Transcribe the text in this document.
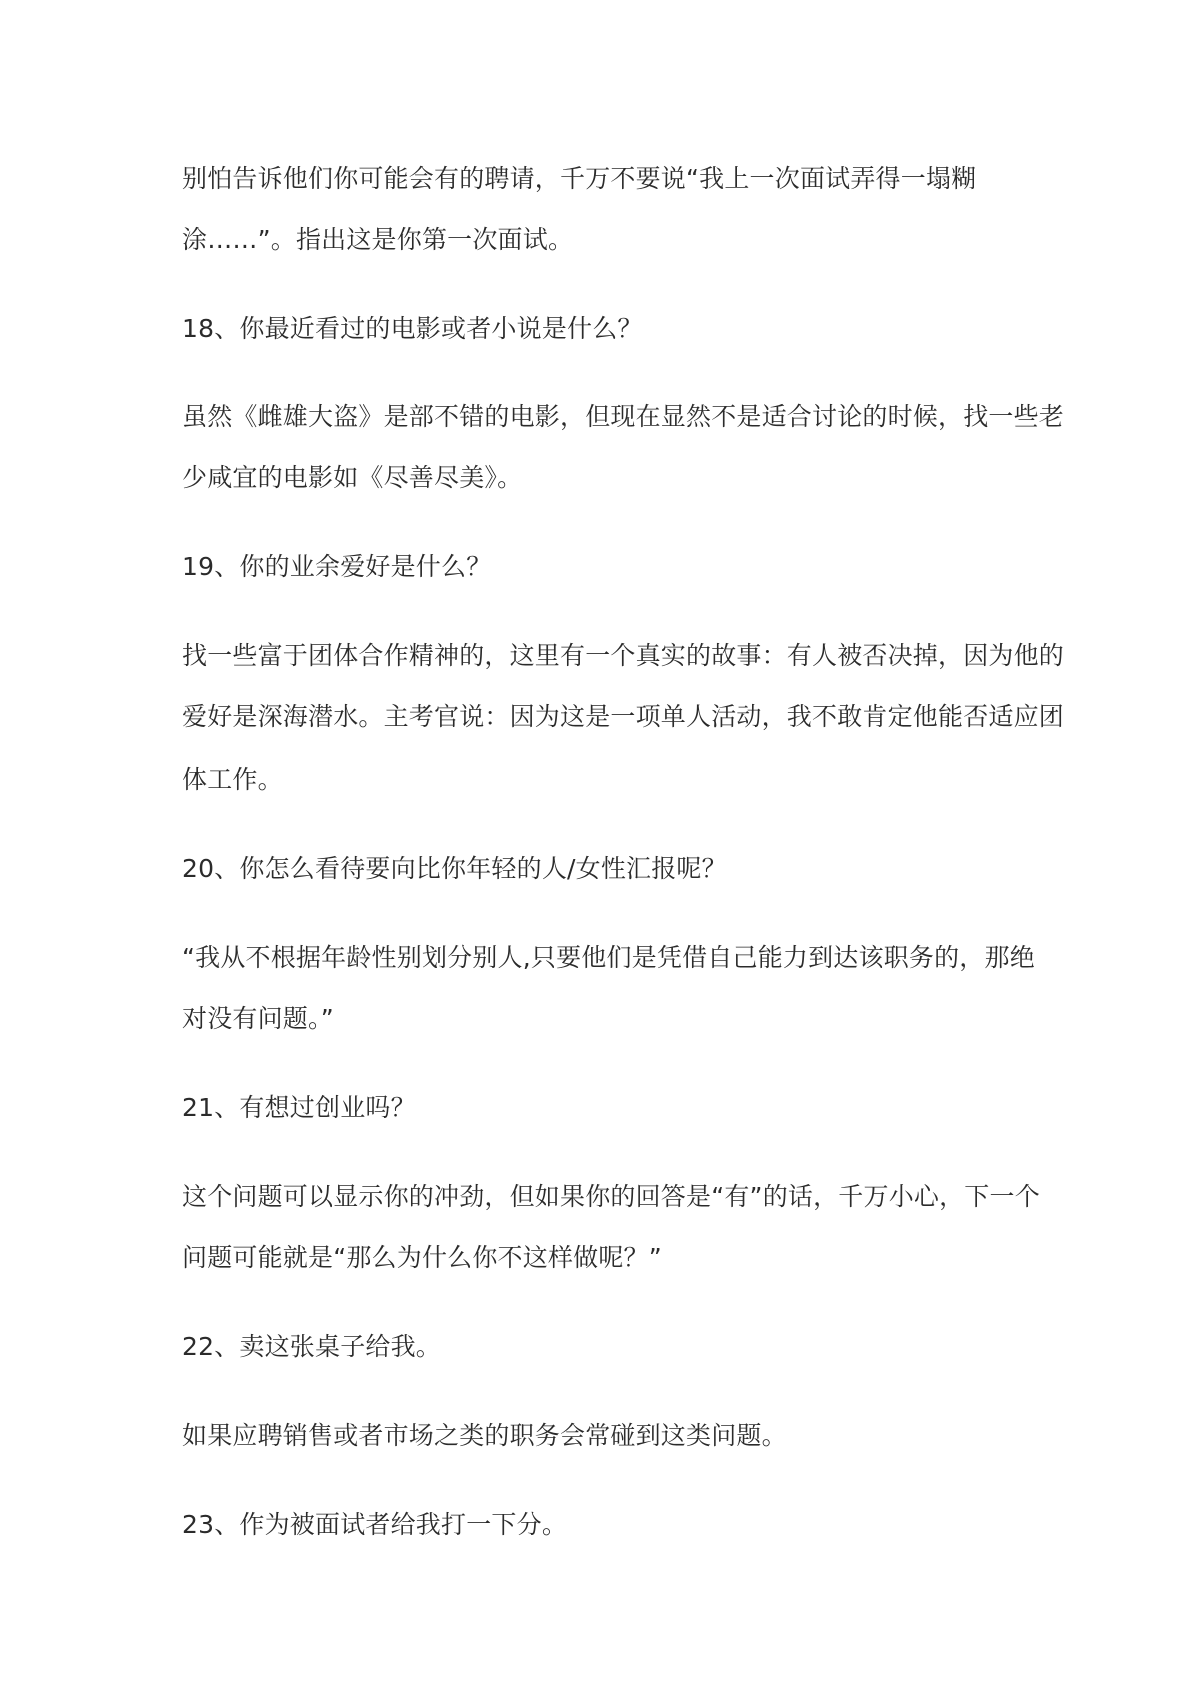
别怕告诉他们你可能会有的聘请，千万不要说“我上一次面试弄得一塌糊
涂……”。指出这是你第一次面试。
18、你最近看过的电影或者小说是什么？
虽然《雌雄大盗》是部不错的电影，但现在显然不是适合讨论的时候，找一些老
少咸宜的电影如《尽善尽美》。
19、你的业余爱好是什么？
找一些富于团体合作精神的，这里有一个真实的故事：有人被否决掉，因为他的
爱好是深海潜水。主考官说：因为这是一项单人活动，我不敢肯定他能否适应团
体工作。
20、你怎么看待要向比你年轻的人/女性汇报呢？
“我从不根据年龄性别划分别人,只要他们是凭借自己能力到达该职务的，那绝
对没有问题。”
21、有想过创业吗？
这个问题可以显示你的冲劲，但如果你的回答是“有”的话，千万小心，下一个
问题可能就是“那么为什么你不这样做呢？”
22、卖这张桌子给我。
如果应聘销售或者市场之类的职务会常碰到这类问题。
23、作为被面试者给我打一下分。
